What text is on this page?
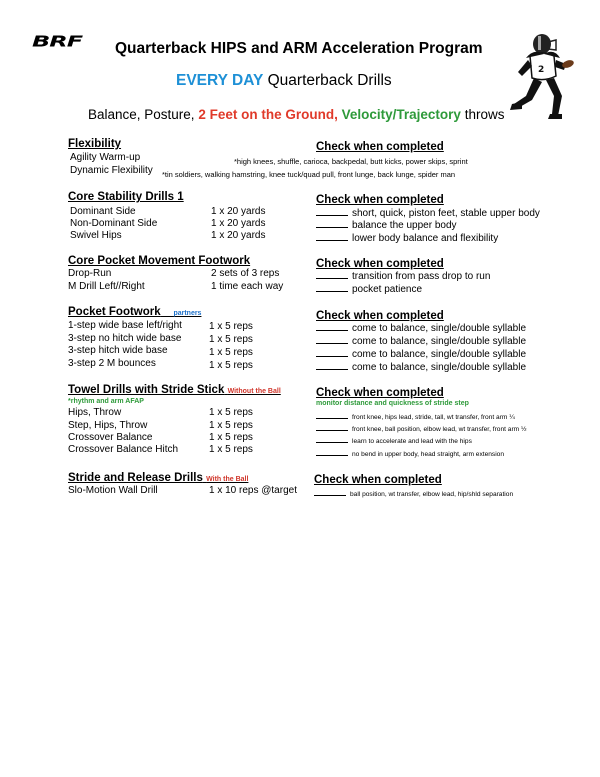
BRF Quarterback HIPS and ARM Acceleration Program
EVERY DAY Quarterback Drills
Balance, Posture, 2 Feet on the Ground, Velocity/Trajectory throws
2
Flexibility	Check when completed
Agility Warm-up	*high knees, shuffle, carioca, backpedal, butt kicks, power skips, sprint
Dynamic Flexibility *tin soldiers, walking hamstring, knee tuck/quad pull, front lunge, back lunge, spider man
Core Stability Drills 1	Check when completed
Dominant Side	1 x 20 yards	short, quick, piston feet, stable upper body
Non-Dominant Side	1 x 20 yards	balance the upper body
Swivel Hips	1 x 20 yards	lower body balance and flexibility
Core Pocket Movement Footwork	Check when completed
Drop-Run	2 sets of 3 reps	transition from pass drop to run
M Drill Left//Right	1 time each way	pocket patience
Pocket Footwork partners	Check when completed
1-step wide base left/right	1 x 5 reps	come to balance, single/double syllable
3-step no hitch wide base	1 x 5 reps	come to balance, single/double syllable
3-step hitch wide base	1 x 5 reps	come to balance, single/double syllable
3-step 2 M bounces	1 x 5 reps	come to balance, single/double syllable
Towel Drills with Stride Stick Without the Ball
*rhythm and arm AFAP
Check when completed
monitor distance and quickness of stride step
Hips, Throw	1 x 5 reps	front knee, hips lead, stride, tall, wt transfer, front arm ¼
Step, Hips, Throw	1 x 5 reps	front knee, ball position, elbow lead, wt transfer, front arm ½
Crossover Balance	1 x 5 reps	learn to accelerate and lead with the hips
Crossover Balance Hitch	1 x 5 reps	no bend in upper body, head straight, arm extension
Stride and Release Drills With the Ball	Check when completed
Slo-Motion Wall Drill	1 x 10 reps @target	ball position, wt transfer, elbow lead, hip/shld separation
